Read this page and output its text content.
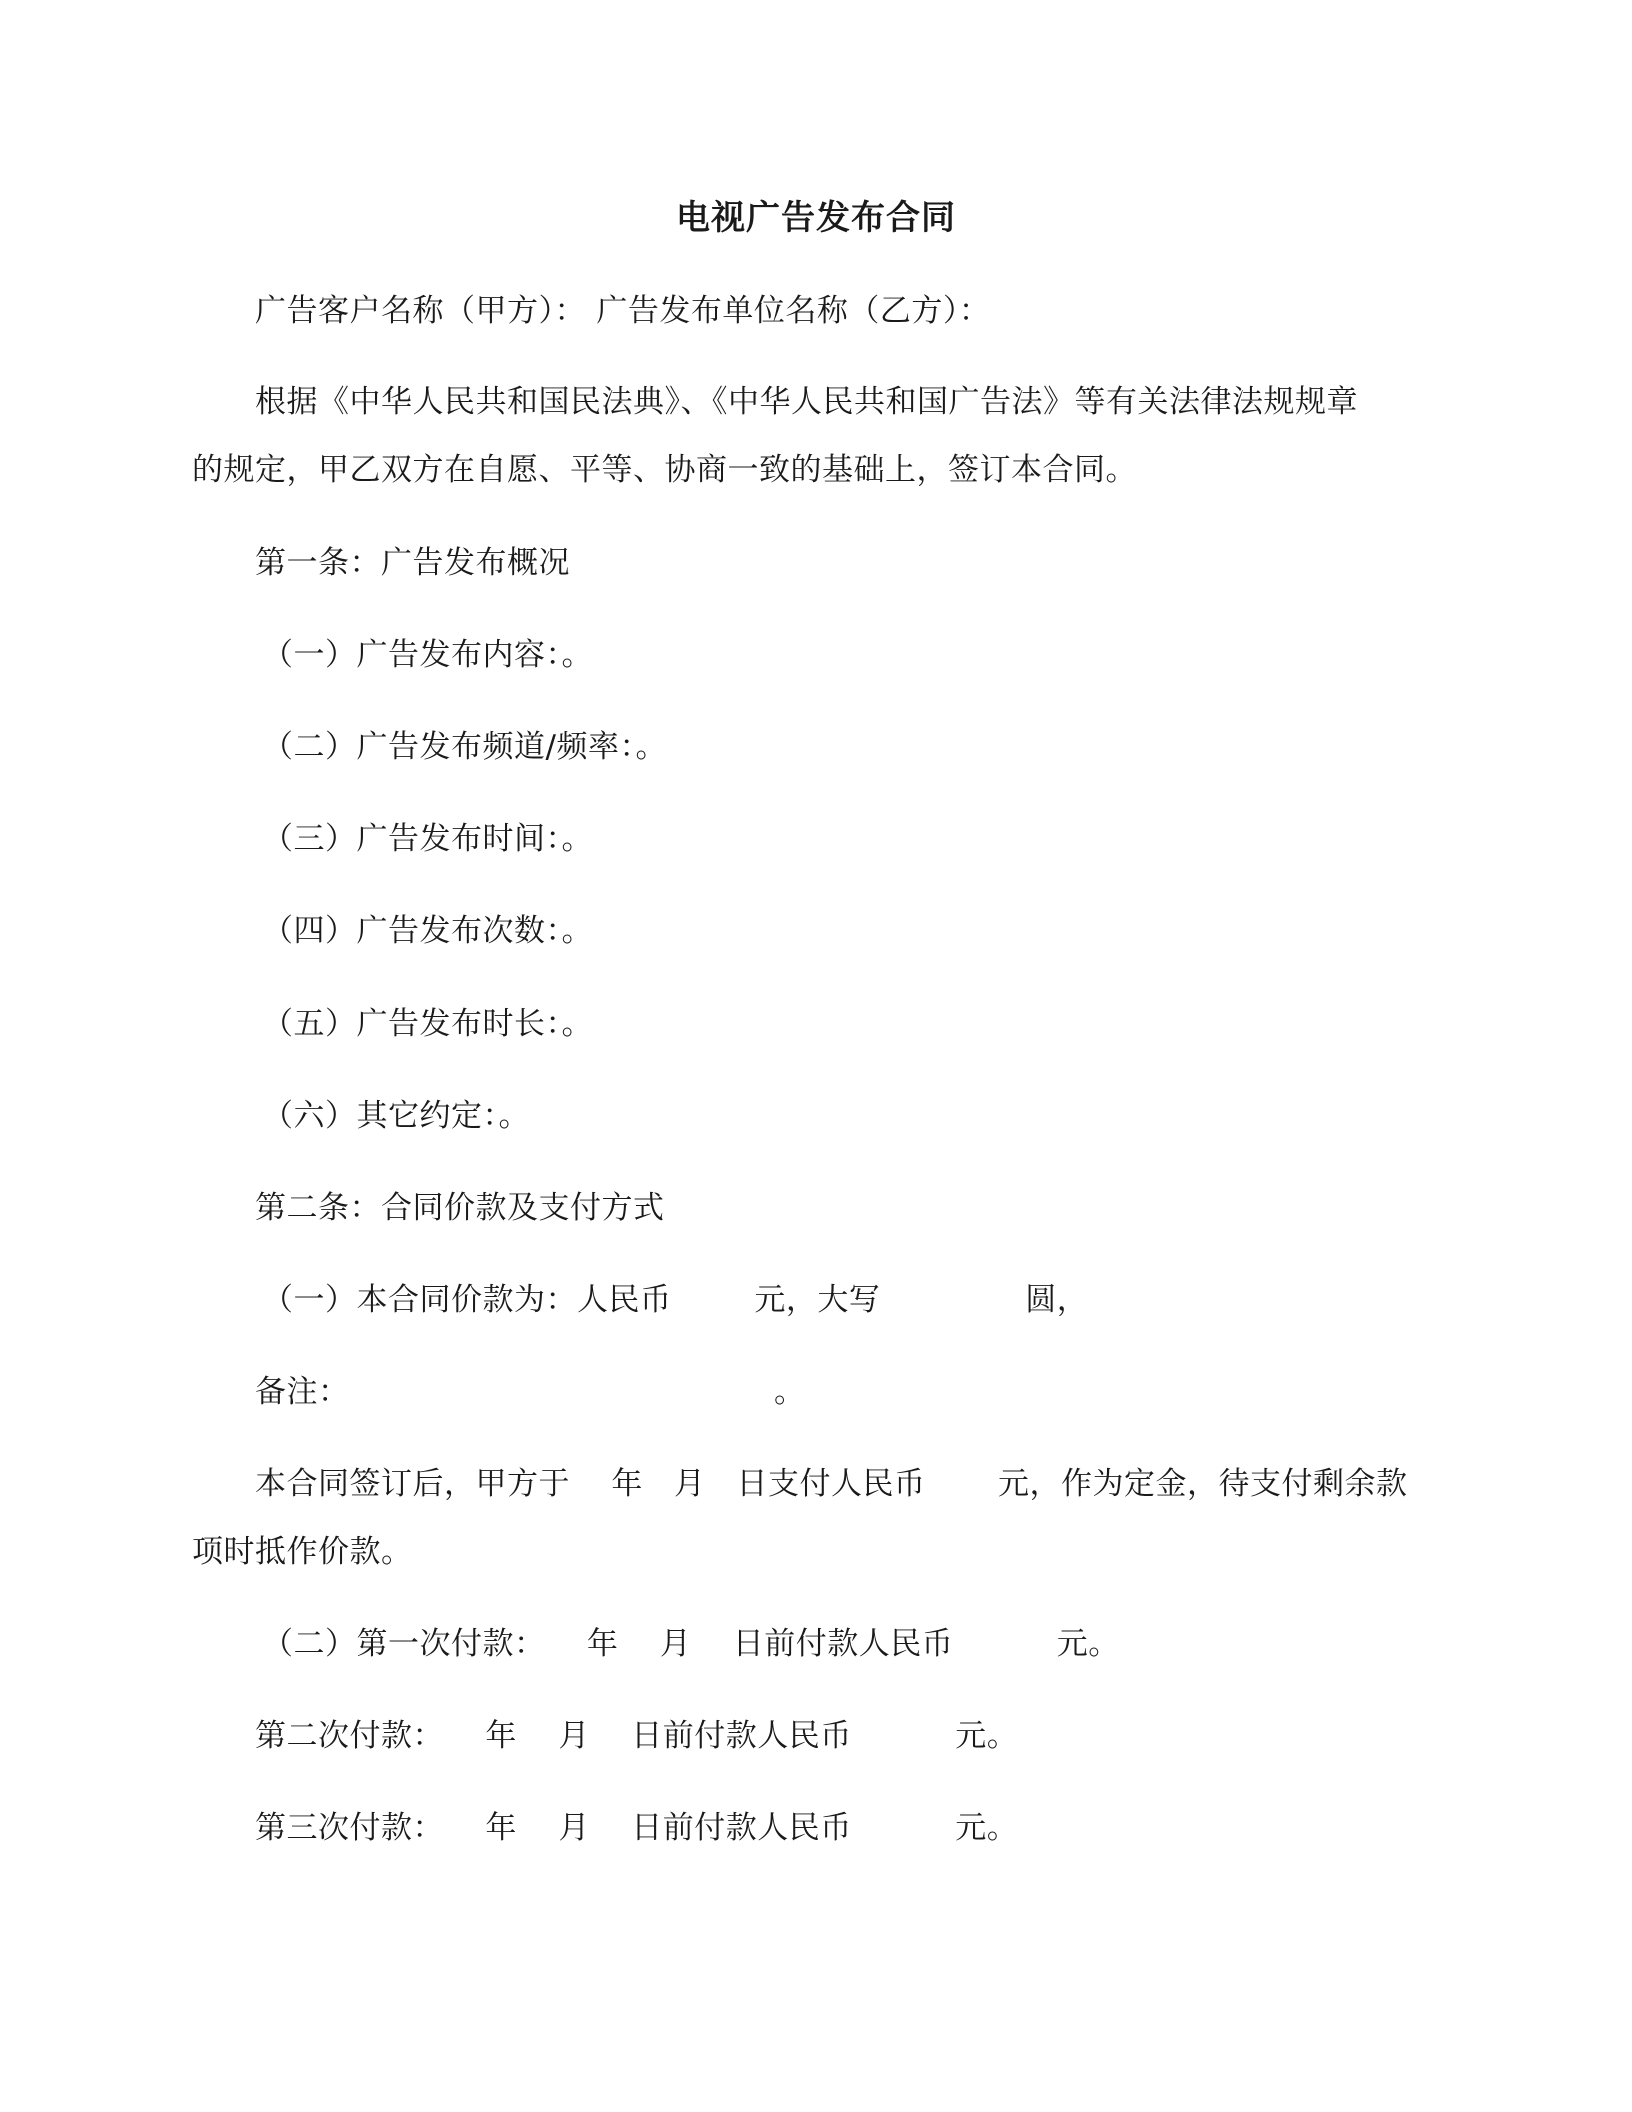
电视广告发布合同
广告客户名称（甲方）： 广告发布单位名称（乙方）：
根据《中华人民共和国民法典》、《中华人民共和国广告法》等有关法律法规规章
的规定，甲乙双方在自愿、平等、协商一致的基础上，签订本合同。
第一条：广告发布概况
（一）广告发布内容：。
（二）广告发布频道/频率：。
（三）广告发布时间：。
（四）广告发布次数：。
（五）广告发布时长：。
（六）其它约定：。
第二条：合同价款及支付方式
（一）本合同价款为：人民币        元，大写              圆，
备注：                                         。
本合同签订后，甲方于    年   月   日支付人民币       元，作为定金，待支付剩余款
项时抵作价款。
（二）第一次付款：    年    月    日前付款人民币          元。
第二次付款：    年    月    日前付款人民币          元。
第三次付款：    年    月    日前付款人民币          元。
